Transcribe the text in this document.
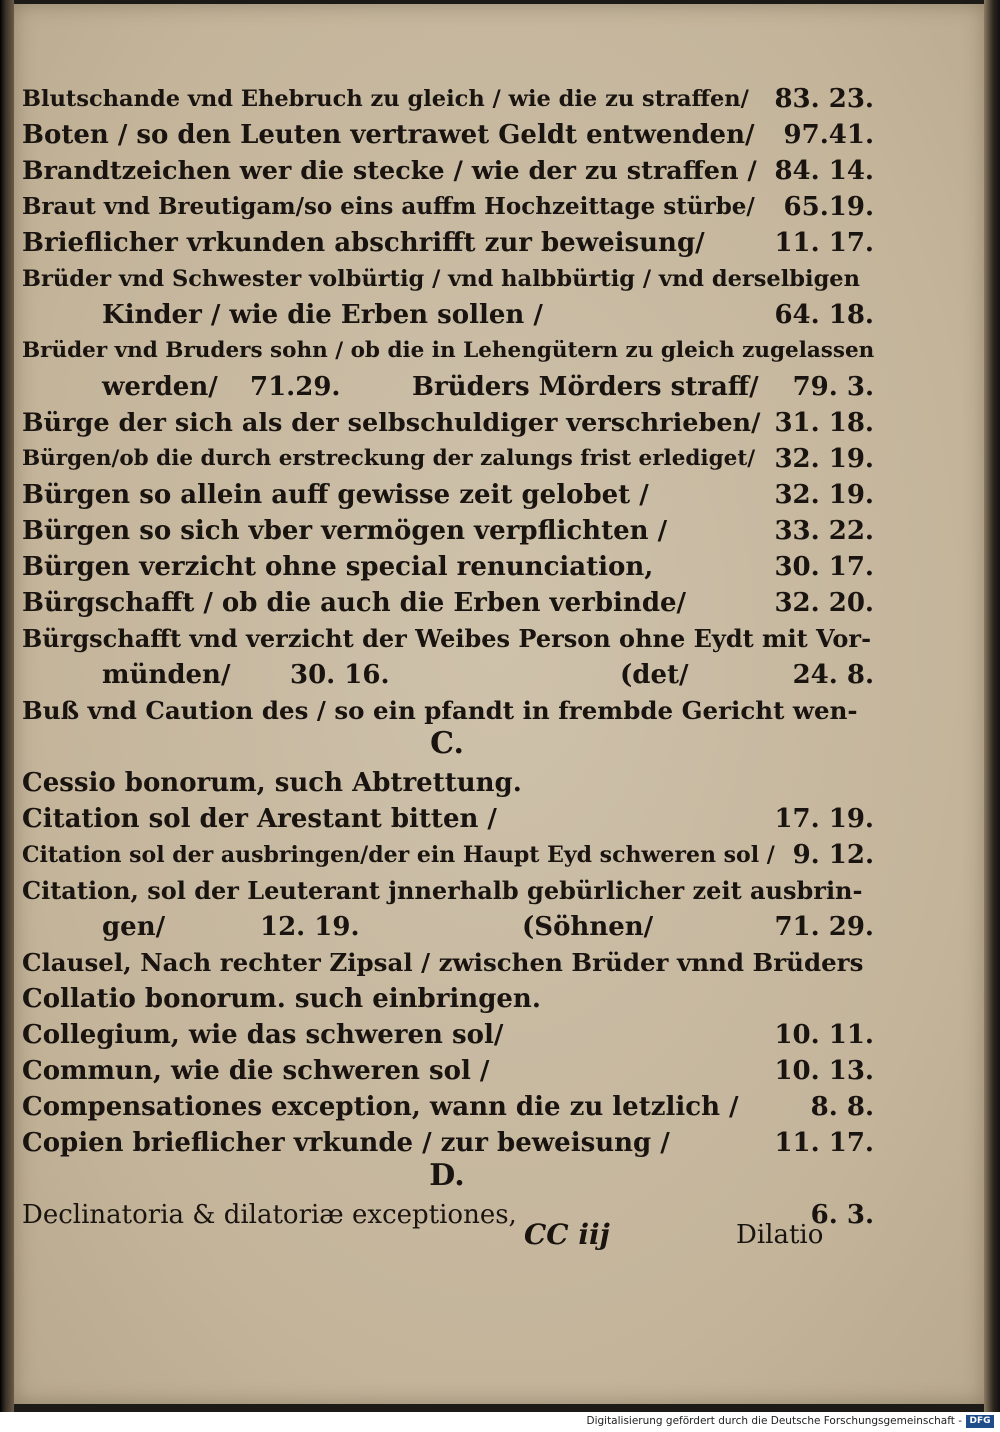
Blutschande vnd Ehebruch zu gleich / wie die zu straffen/ 83. 23.
Boten / so den Leuten vertrawet Geldt entwenden/ 97.41.
Brandtzeichen wer die stecke / wie der zu straffen / 84. 14.
Braut vnd Breutigam/so eins auffm Hochzeittage stürbe/ 65.19.
Brieflicher vrkunden abschrifft zur beweisung/	11. 17.
Brüder vnd Schwester volbürtig / vnd halbbürtig / vnd derselbigen
Kinder / wie die Erben sollen /	64. 18.
Brüder vnd Bruders sohn / ob die in Lehengütern zu gleich zugelassen
werden/ 71.29.	Brüders Mörders straff/ 79. 3.
Bürge der sich als der selbschuldiger verschrieben/ 31. 18.
Bürgen/ob die durch erstreckung der zalungs frist erlediget/ 32. 19.
Bürgen so allein auff gewisse zeit gelobet /	32. 19.
Bürgen so sich vber vermögen verpflichten /	33. 22.
Bürgen verzicht ohne special renunciation,	30. 17.
Bürgschafft / ob die auch die Erben verbinde/	32. 20.
Bürgschafft vnd verzicht der Weibes Person ohne Eydt mit Vor-
münden/ 30. 16.	(det/	24. 8.
Buß vnd Caution des / so ein pfandt in frembde Gericht wen-
C.
Cessio bonorum, such Abtrettung.
Citation sol der Arestant bitten /	17. 19.
Citation sol der ausbringen/der ein Haupt Eyd schweren sol / 9. 12.
Citation, sol der Leuterant jnnerhalb gebürlicher zeit ausbrin-
gen/	12. 19.	(Söhnen/	71. 29.
Clausel, Nach rechter Zipsal / zwischen Brüder vnnd Brüders
Collatio bonorum. such einbringen.
Collegium, wie das schweren sol/	10. 11.
Commun, wie die schweren sol /	10. 13.
Compensationes exception, wann die zu letzlich /	8. 8.
Copien brieflicher vrkunde / zur beweisung /	11. 17.
D.
Declinatoria & dilatoriæ exceptiones,	6. 3.
CC iij	Dilatio
Digitalisierung gefördert durch die Deutsche Forschungsgemeinschaft - DFG
